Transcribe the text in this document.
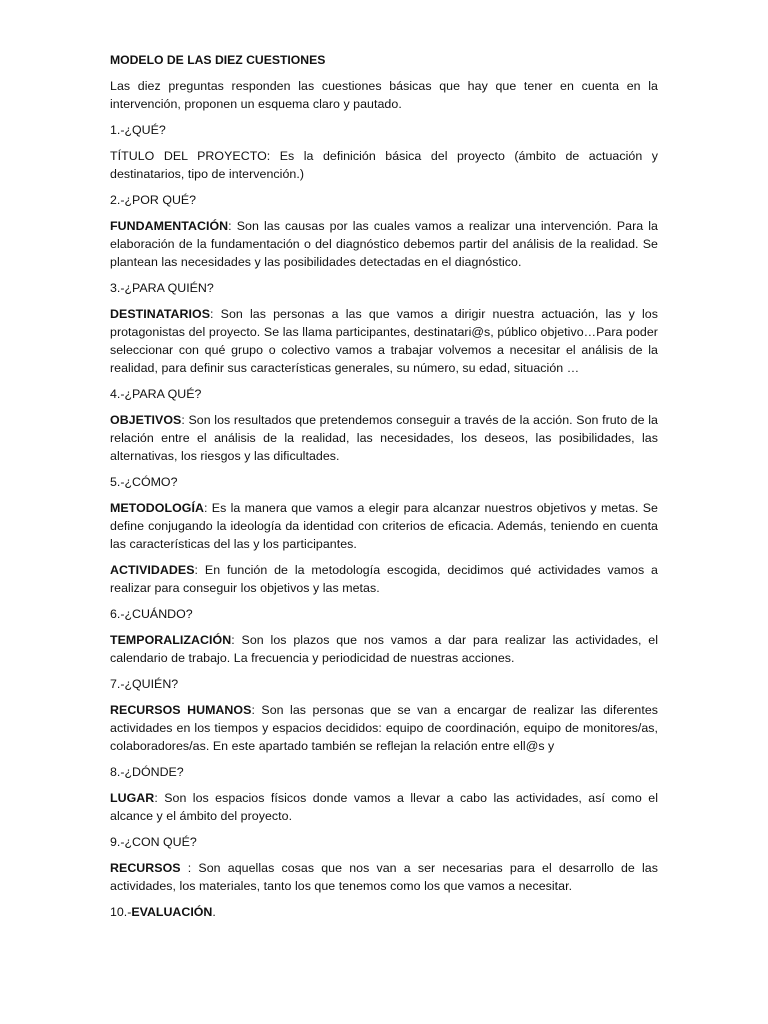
MODELO DE LAS DIEZ CUESTIONES

Las diez preguntas responden las cuestiones básicas que hay que tener en cuenta en la intervención, proponen un esquema claro y pautado.

1.-¿QUÉ?

TÍTULO DEL PROYECTO: Es la definición básica del proyecto (ámbito de actuación y destinatarios, tipo de intervención.)

2.-¿POR QUÉ?

FUNDAMENTACIÓN: Son las causas por las cuales vamos a realizar una intervención. Para la elaboración de la fundamentación o del diagnóstico debemos partir del análisis de la realidad. Se plantean las necesidades y las posibilidades detectadas en el diagnóstico.

3.-¿PARA QUIÉN?

DESTINATARIOS: Son las personas a las que vamos a dirigir nuestra actuación, las y los protagonistas del proyecto. Se las llama participantes, destinatari@s, público objetivo…Para poder seleccionar con qué grupo o colectivo vamos a trabajar volvemos a necesitar el análisis de la realidad, para definir sus características generales, su número, su edad, situación …

4.-¿PARA QUÉ?

OBJETIVOS: Son los resultados que pretendemos conseguir a través de la acción. Son fruto de la relación entre el análisis de la realidad, las necesidades, los deseos, las posibilidades, las alternativas, los riesgos y las dificultades.

5.-¿CÓMO?

METODOLOGÍA: Es la manera que vamos a elegir para alcanzar nuestros objetivos y metas. Se define conjugando la ideología da identidad con criterios de eficacia. Además, teniendo en cuenta las características del las y los participantes.

ACTIVIDADES: En función de la metodología escogida, decidimos qué actividades vamos a realizar para conseguir los objetivos y las metas.

6.-¿CUÁNDO?

TEMPORALIZACIÓN: Son los plazos que nos vamos a dar para realizar las actividades, el calendario de trabajo. La frecuencia y periodicidad de nuestras acciones.

7.-¿QUIÉN?

RECURSOS HUMANOS: Son las personas que se van a encargar de realizar las diferentes actividades en los tiempos y espacios decididos: equipo de coordinación, equipo de monitores/as, colaboradores/as. En este apartado también se reflejan la relación entre ell@s y

8.-¿DÓNDE?

LUGAR: Son los espacios físicos donde vamos a llevar a cabo las actividades, así como el alcance y el ámbito del proyecto.

9.-¿CON QUÉ?

RECURSOS : Son aquellas cosas que nos van a ser necesarias para el desarrollo de las actividades, los materiales, tanto los que tenemos como los que vamos a necesitar.

10.-EVALUACIÓN.
